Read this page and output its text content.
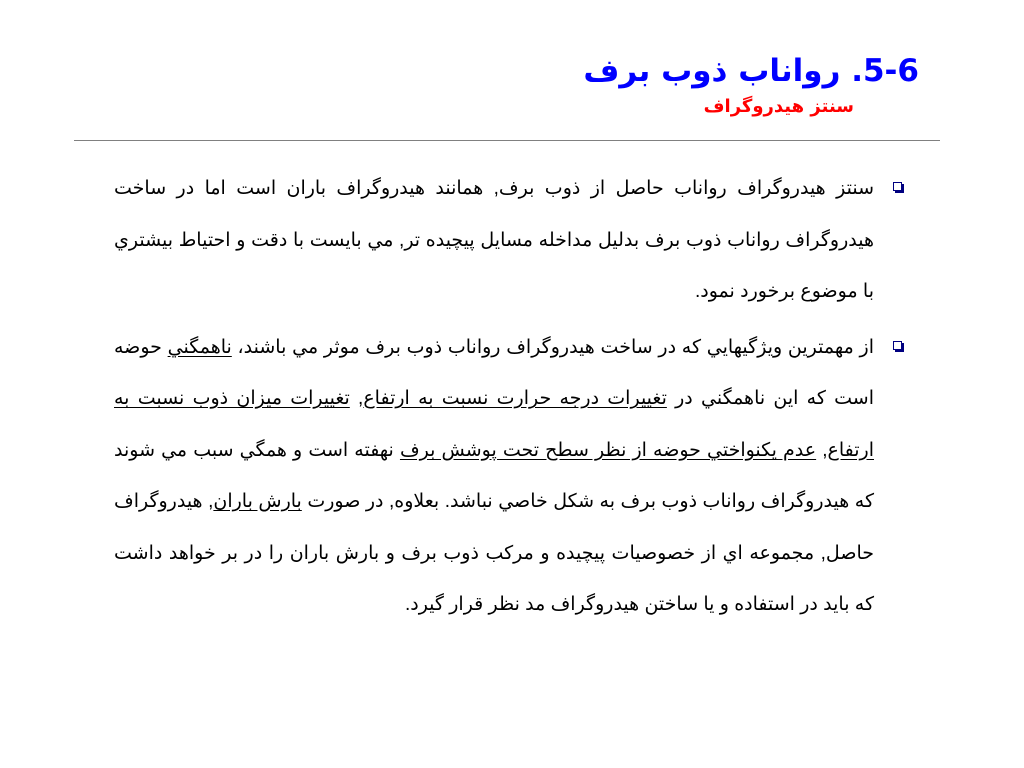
5-6. رواناب ذوب برف
سنتز هيدروگراف
سنتز هيدروگراف رواناب حاصل از ذوب برف, همانند هيدروگراف باران است اما در ساخت هيدروگراف رواناب ذوب برف بدليل مداخله مسايل پيچيده تر, مي بايست با دقت و احتياط بيشتري با موضوع برخورد نمود.
از مهمترين ويژگيهايي كه در ساخت هيدروگراف رواناب ذوب برف موثر مي باشند، ناهمگني حوضه است كه اين ناهمگني در تغييرات درجه حرارت نسبت به ارتفاع, تغييرات ميزان ذوب نسبت به ارتفاع, عدم يكنواختي حوضه از نظر سطح تحت پوشش برف نهفته است و همگي سبب مي شوند كه هيدروگراف رواناب ذوب برف به شكل خاصي نباشد. بعلاوه, در صورت بارش باران, هيدروگراف حاصل, مجموعه اي از خصوصيات پيچيده و مركب ذوب برف و بارش باران را در بر خواهد داشت كه بايد در استفاده و يا ساختن هيدروگراف مد نظر قرار گيرد.
